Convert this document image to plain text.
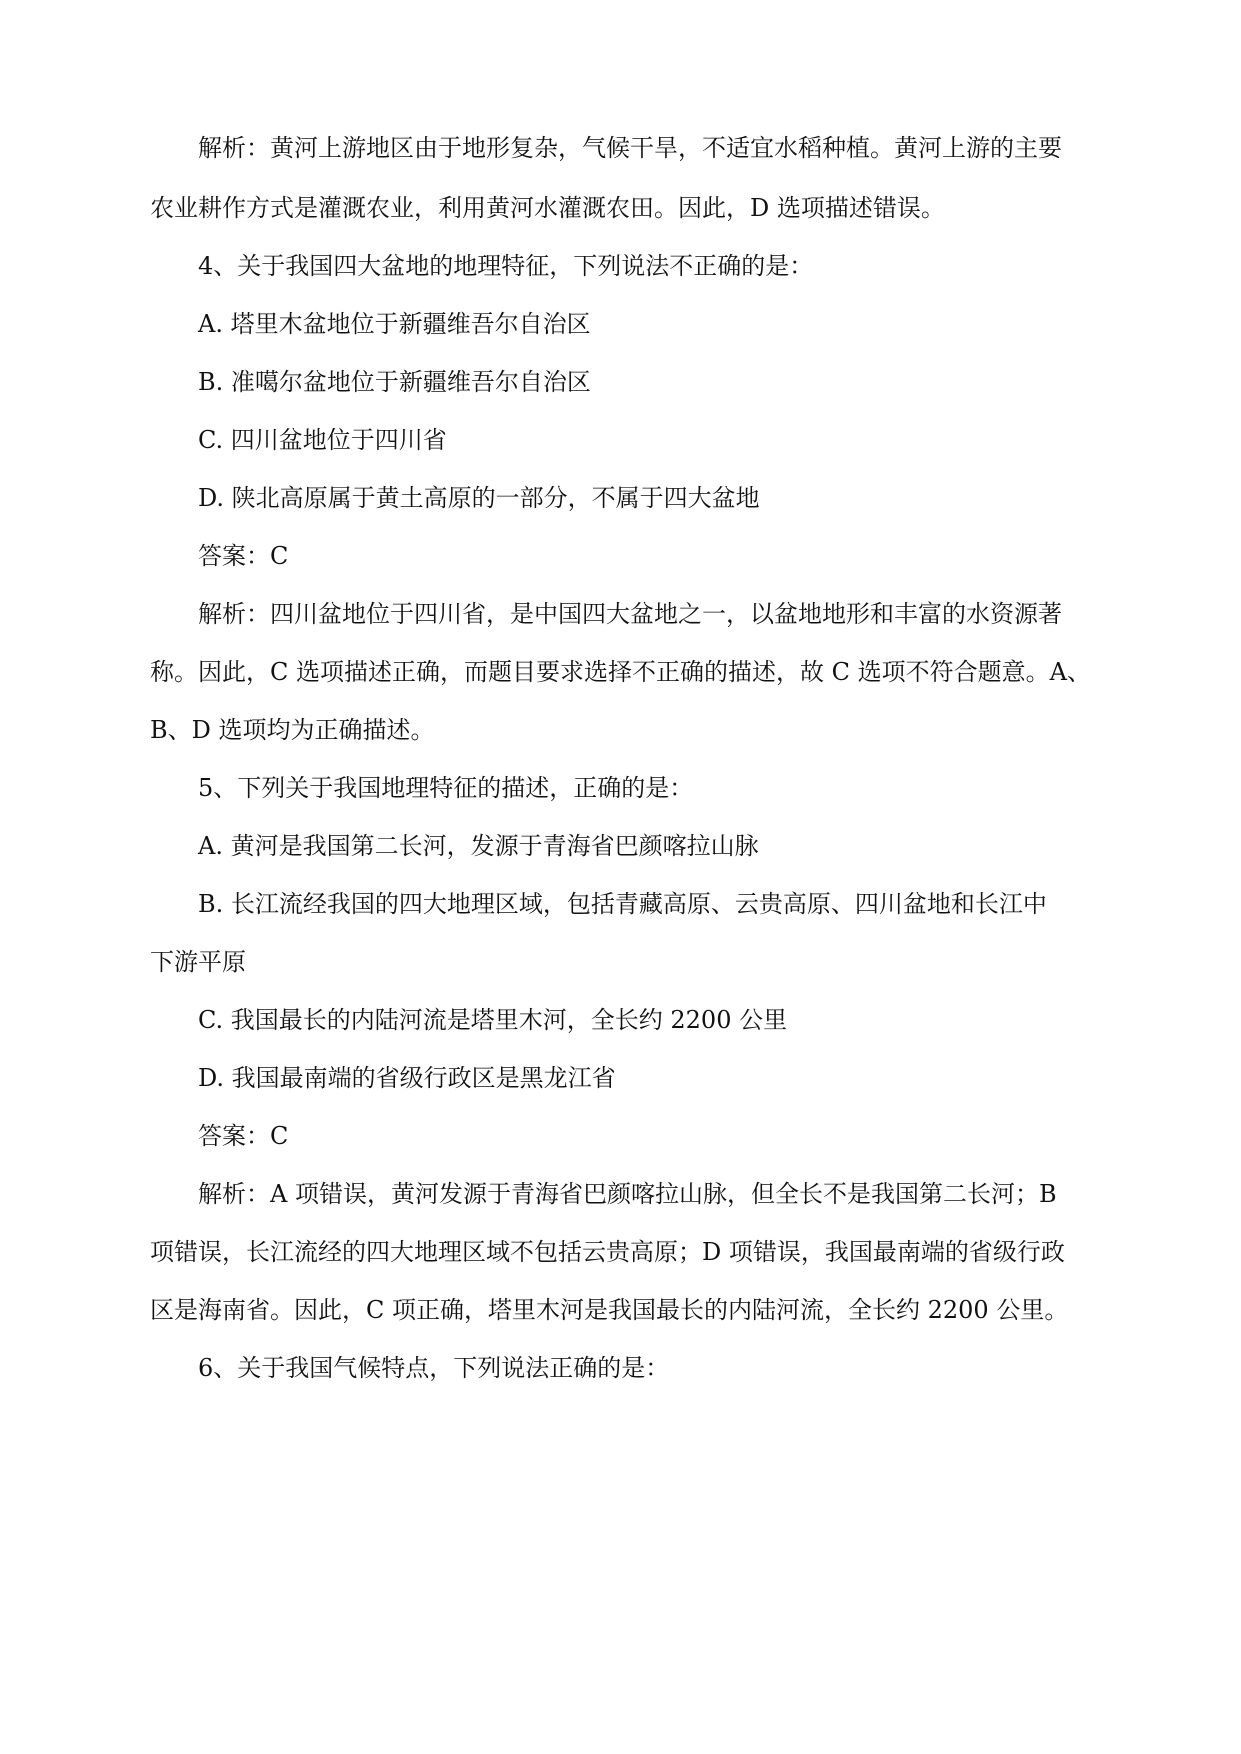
解析：黄河上游地区由于地形复杂，气候干旱，不适宜水稻种植。黄河上游的主要
农业耕作方式是灌溉农业，利用黄河水灌溉农田。因此，D 选项描述错误。
4、关于我国四大盆地的地理特征，下列说法不正确的是：
A. 塔里木盆地位于新疆维吾尔自治区
B. 准噶尔盆地位于新疆维吾尔自治区
C. 四川盆地位于四川省
D. 陕北高原属于黄土高原的一部分，不属于四大盆地
答案：C
解析：四川盆地位于四川省，是中国四大盆地之一，以盆地地形和丰富的水资源著
称。因此，C 选项描述正确，而题目要求选择不正确的描述，故 C 选项不符合题意。A、
B、D 选项均为正确描述。
5、下列关于我国地理特征的描述，正确的是：
A. 黄河是我国第二长河，发源于青海省巴颜喀拉山脉
B. 长江流经我国的四大地理区域，包括青藏高原、云贵高原、四川盆地和长江中
下游平原
C. 我国最长的内陆河流是塔里木河，全长约 2200 公里
D. 我国最南端的省级行政区是黑龙江省
答案：C
解析：A 项错误，黄河发源于青海省巴颜喀拉山脉，但全长不是我国第二长河；B
项错误，长江流经的四大地理区域不包括云贵高原；D 项错误，我国最南端的省级行政
区是海南省。因此，C 项正确，塔里木河是我国最长的内陆河流，全长约 2200 公里。
6、关于我国气候特点，下列说法正确的是：
